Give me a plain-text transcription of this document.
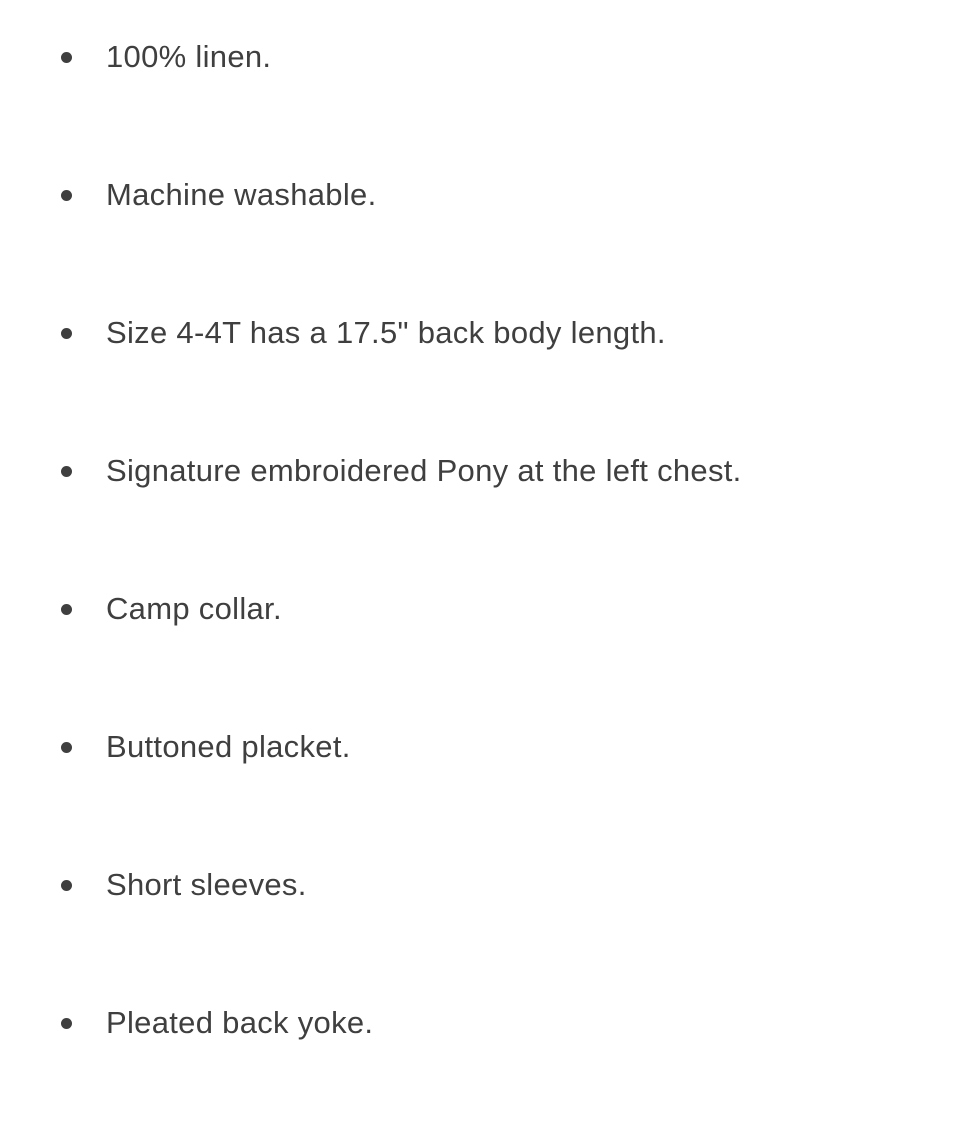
100% linen.
Machine washable.
Size 4-4T has a 17.5" back body length.
Signature embroidered Pony at the left chest.
Camp collar.
Buttoned placket.
Short sleeves.
Pleated back yoke.
